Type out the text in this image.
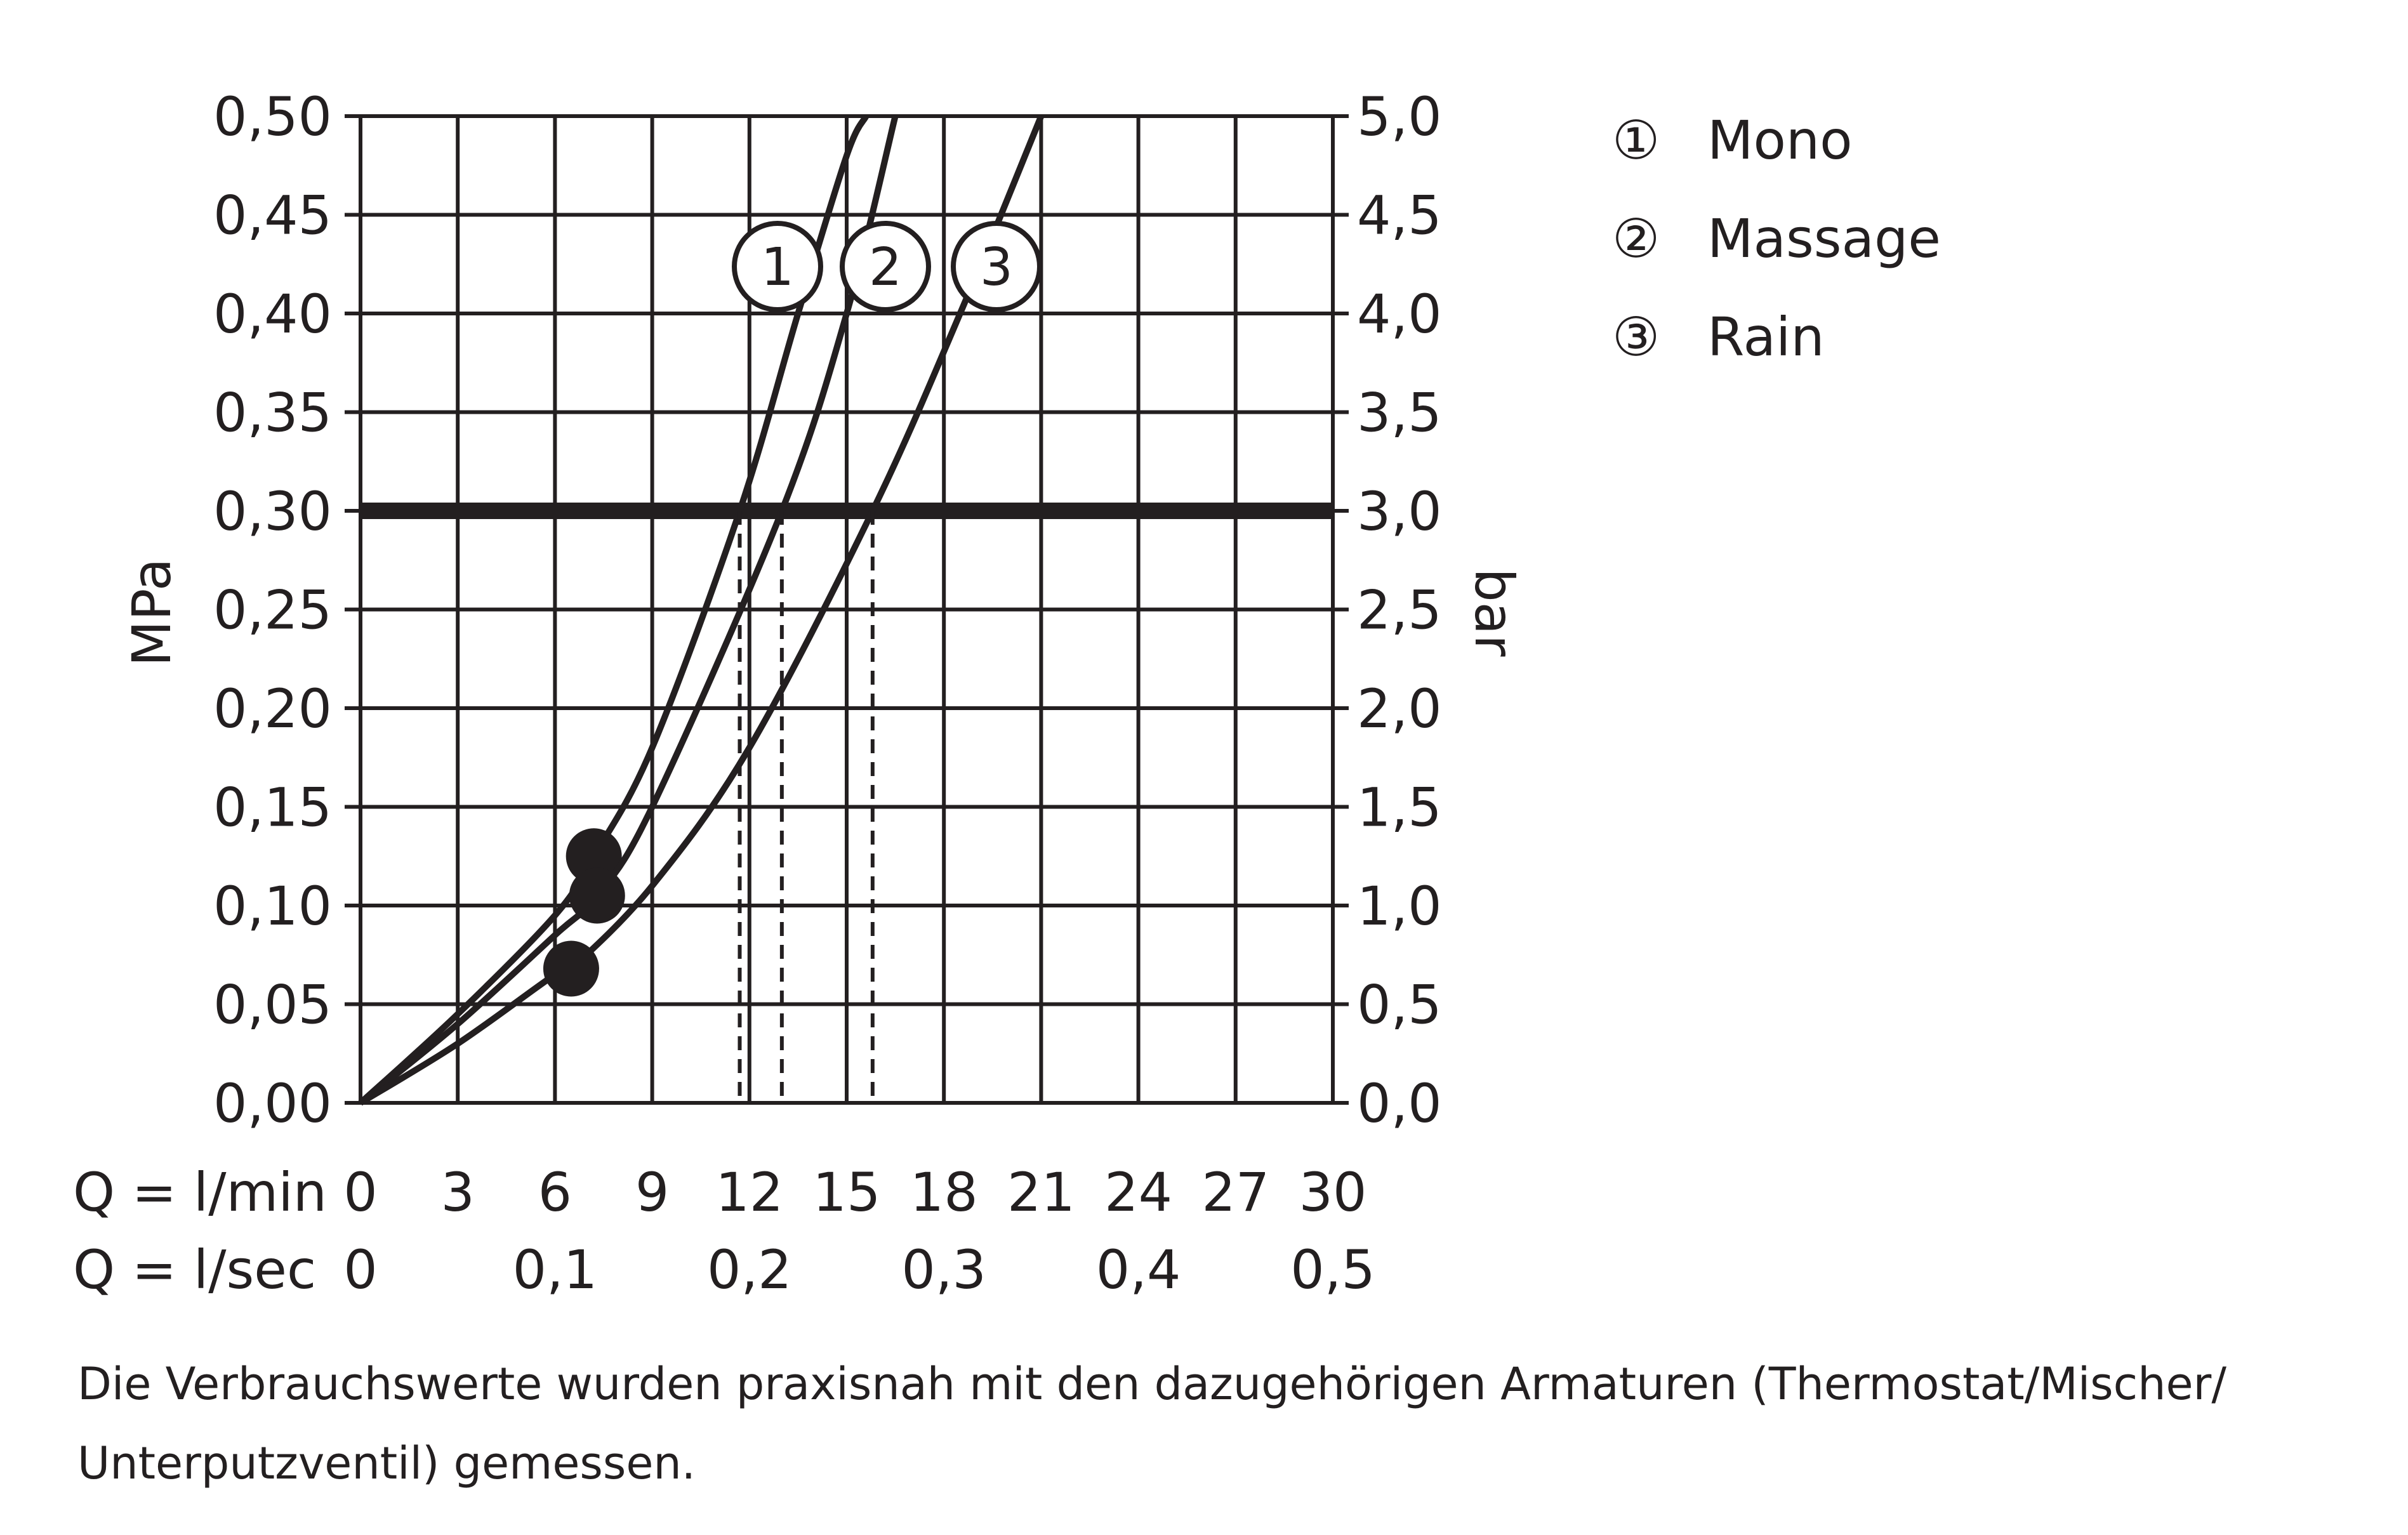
0,00
0,05
0,10
0,15
0,20
0,25
0,30
0,35
0,40
0,45
0,50
0,0
0,5
1,0
1,5
2,0
2,5
3,0
3,5
4,0
4,5
5,0
0 3 6 9 12 15 18 21 24 27 30
0	0,1 0,2 0,3 0,4 0,5
MPa	bar
Q = l/min
Q = l/sec
① Mono
② Massage
③ Rain
1 2 3
Die Verbrauchswerte wurden praxisnah mit den dazugehörigen Armaturen (Thermostat/Mischer/
Unterputzventil) gemessen.
